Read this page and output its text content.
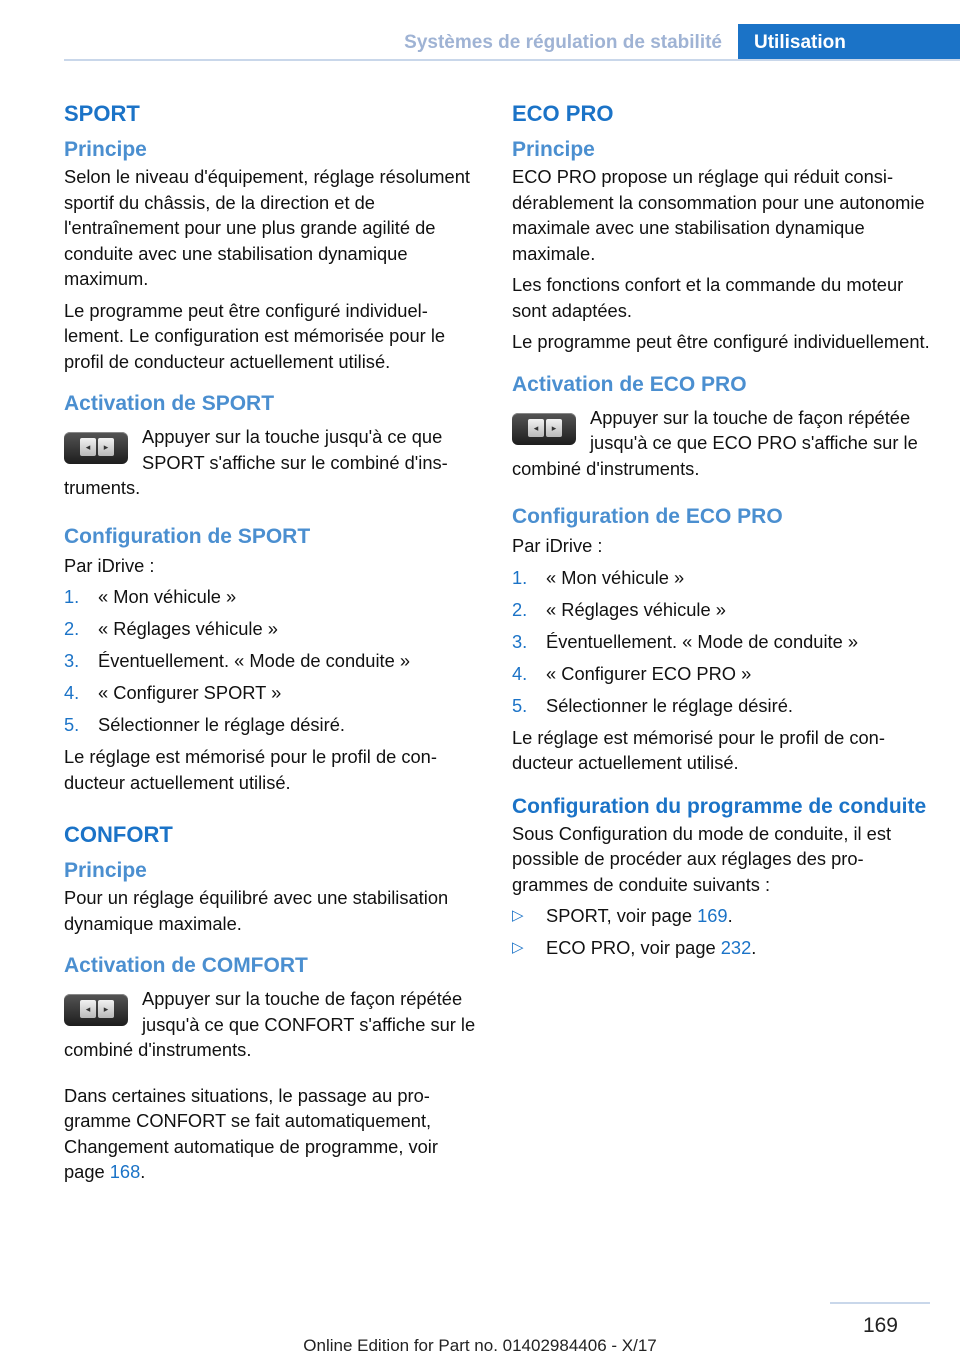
Systèmes de régulation de stabilité	Utilisation
SPORT
Principe

Selon le niveau d'équipement, réglage résolument sportif du châssis, de la direction et de l'entraînement pour une plus grande agilité de conduite avec une stabilisation dynamique maximum.

Le programme peut être configuré individuellement. Le configuration est mémorisée pour le profil de conducteur actuellement utilisé.

Activation de SPORT
◂	▸	Appuyer sur la touche jusqu'à ce que SPORT s'affiche sur le combiné d'instruments.
Configuration de SPORT

Par iDrive :

1. « Mon véhicule »
2. « Réglages véhicule »
3. Éventuellement. « Mode de conduite »
4. « Configurer SPORT »
5. Sélectionner le réglage désiré.

Le réglage est mémorisé pour le profil de conducteur actuellement utilisé.

CONFORT
Principe

Pour un réglage équilibré avec une stabilisation dynamique maximale.

Activation de COMFORT
◂	▸	Appuyer sur la touche de façon répétée jusqu'à ce que CONFORT s'affiche sur le combiné d'instruments.

Dans certaines situations, le passage au programme CONFORT se fait automatiquement, Changement automatique de programme, voir page 168.

ECO PRO
Principe

ECO PRO propose un réglage qui réduit considérablement la consommation pour une autonomie maximale avec une stabilisation dynamique maximale.

Les fonctions confort et la commande du moteur sont adaptées.

Le programme peut être configuré individuellement.

Activation de ECO PRO
◂	▸	Appuyer sur la touche de façon répétée jusqu'à ce que ECO PRO s'affiche sur le combiné d'instruments.
Configuration de ECO PRO

Par iDrive :

1. « Mon véhicule »
2. « Réglages véhicule »
3. Éventuellement. « Mode de conduite »
4. « Configurer ECO PRO »
5. Sélectionner le réglage désiré.

Le réglage est mémorisé pour le profil de conducteur actuellement utilisé.

Configuration du programme de conduite

Sous Configuration du mode de conduite, il est possible de procéder aux réglages des programmes de conduite suivants :

▷ SPORT, voir page 169.
▷ ECO PRO, voir page 232.
169
Online Edition for Part no. 01402984406 - X/17
